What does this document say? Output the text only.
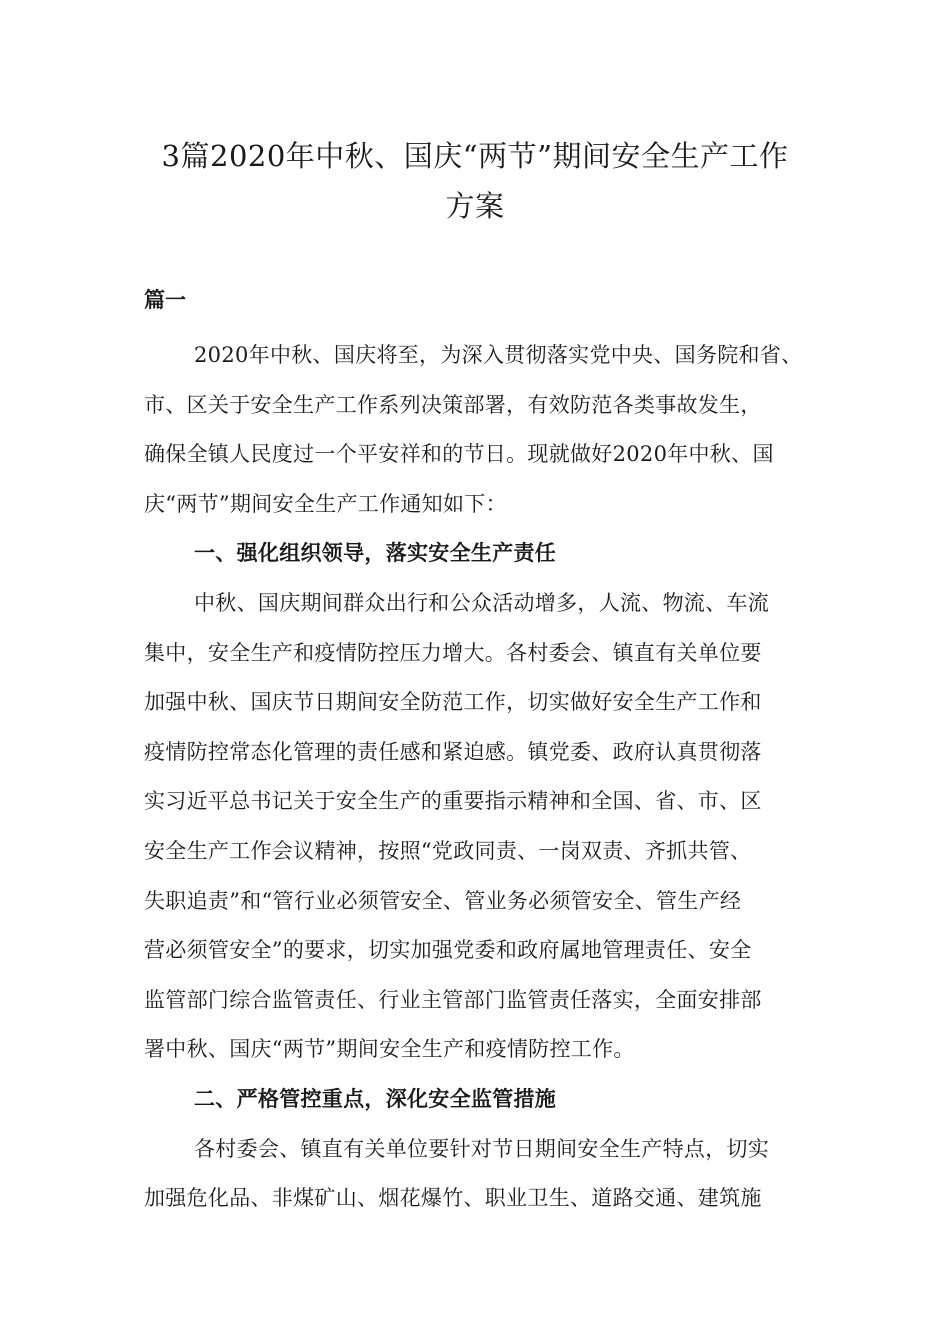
3篇2020年中秋、国庆“两节”期间安全生产工作
方案
篇一
2020年中秋、国庆将至，为深入贯彻落实党中央、国务院和省、
市、区关于安全生产工作系列决策部署，有效防范各类事故发生，
确保全镇人民度过一个平安祥和的节日。现就做好2020年中秋、国
庆“两节”期间安全生产工作通知如下：
一、强化组织领导，落实安全生产责任
中秋、国庆期间群众出行和公众活动增多，人流、物流、车流
集中，安全生产和疫情防控压力增大。各村委会、镇直有关单位要
加强中秋、国庆节日期间安全防范工作，切实做好安全生产工作和
疫情防控常态化管理的责任感和紧迫感。镇党委、政府认真贯彻落
实习近平总书记关于安全生产的重要指示精神和全国、省、市、区
安全生产工作会议精神，按照“党政同责、一岗双责、齐抓共管、
失职追责”和“管行业必须管安全、管业务必须管安全、管生产经
营必须管安全”的要求，切实加强党委和政府属地管理责任、安全
监管部门综合监管责任、行业主管部门监管责任落实，全面安排部
署中秋、国庆“两节”期间安全生产和疫情防控工作。
二、严格管控重点，深化安全监管措施
各村委会、镇直有关单位要针对节日期间安全生产特点，切实
加强危化品、非煤矿山、烟花爆竹、职业卫生、道路交通、建筑施
